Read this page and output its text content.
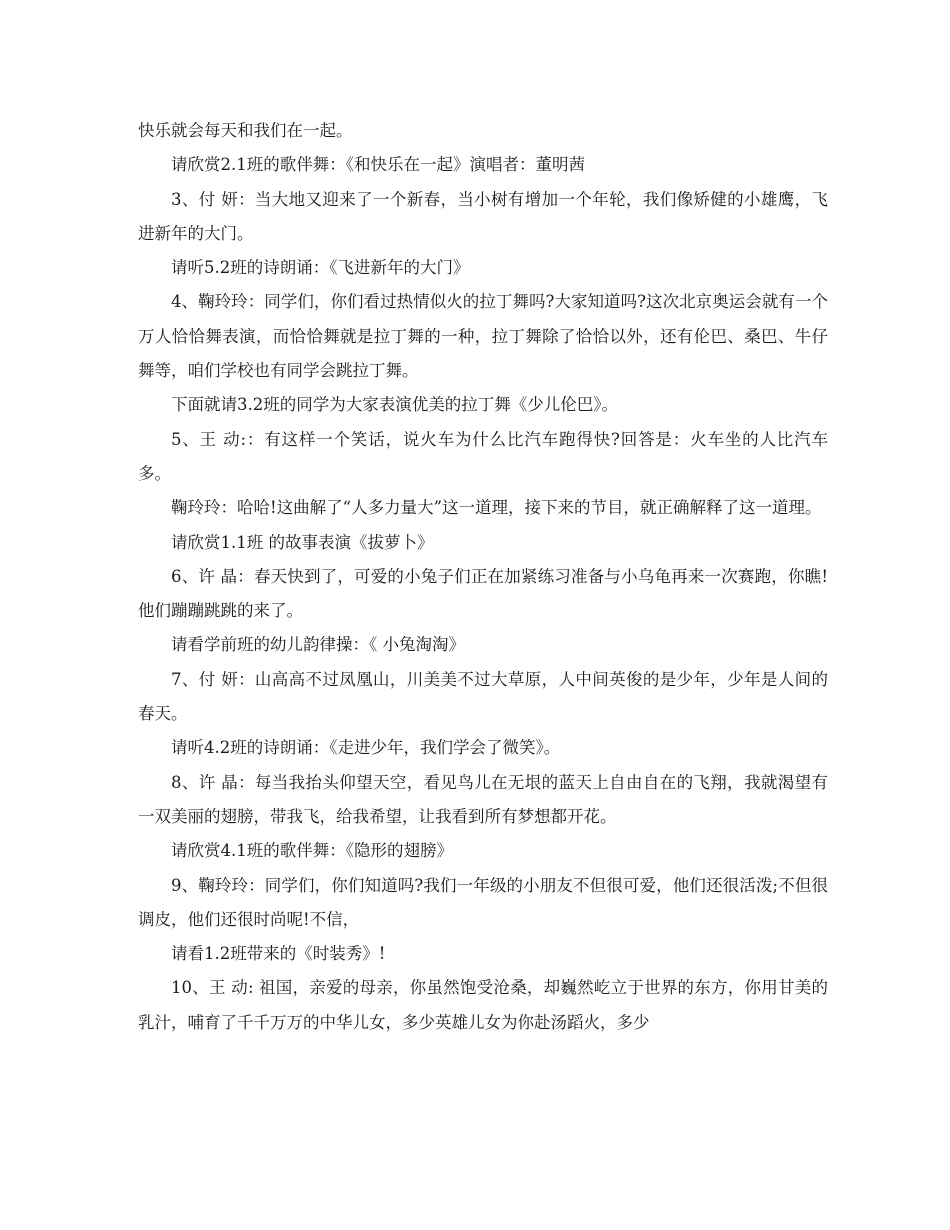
快乐就会每天和我们在一起。

请欣赏2.1班的歌伴舞：《和快乐在一起》演唱者：董明茜

3、付 妍：当大地又迎来了一个新春，当小树有增加一个年轮，我们像矫健的小雄鹰，飞进新年的大门。

请听5.2班的诗朗诵：《飞进新年的大门》

4、鞠玲玲：同学们，你们看过热情似火的拉丁舞吗?大家知道吗?这次北京奥运会就有一个万人恰恰舞表演，而恰恰舞就是拉丁舞的一种，拉丁舞除了恰恰以外，还有伦巴、桑巴、牛仔舞等，咱们学校也有同学会跳拉丁舞。

下面就请3.2班的同学为大家表演优美的拉丁舞《少儿伦巴》。

5、王 动:：有这样一个笑话，说火车为什么比汽车跑得快?回答是：火车坐的人比汽车多。

鞠玲玲：哈哈!这曲解了“人多力量大”这一道理，接下来的节目，就正确解释了这一道理。

请欣赏1.1班 的故事表演《拔萝卜》

6、许 晶：春天快到了，可爱的小兔子们正在加紧练习准备与小乌龟再来一次赛跑，你瞧!他们蹦蹦跳跳的来了。

请看学前班的幼儿韵律操：《 小兔淘淘》

7、付 妍：山高高不过凤凰山，川美美不过大草原，人中间英俊的是少年，少年是人间的春天。

请听4.2班的诗朗诵：《走进少年，我们学会了微笑》。

8、许 晶：每当我抬头仰望天空，看见鸟儿在无垠的蓝天上自由自在的飞翔，我就渴望有一双美丽的翅膀，带我飞，给我希望，让我看到所有梦想都开花。

请欣赏4.1班的歌伴舞：《隐形的翅膀》

9、鞠玲玲：同学们，你们知道吗?我们一年级的小朋友不但很可爱，他们还很活泼;不但很调皮，他们还很时尚呢!不信，

请看1.2班带来的《时装秀》!

10、王 动: 祖国，亲爱的母亲，你虽然饱受沧桑，却巍然屹立于世界的东方，你用甘美的乳汁，哺育了千千万万的中华儿女，多少英雄儿女为你赴汤蹈火，多少
